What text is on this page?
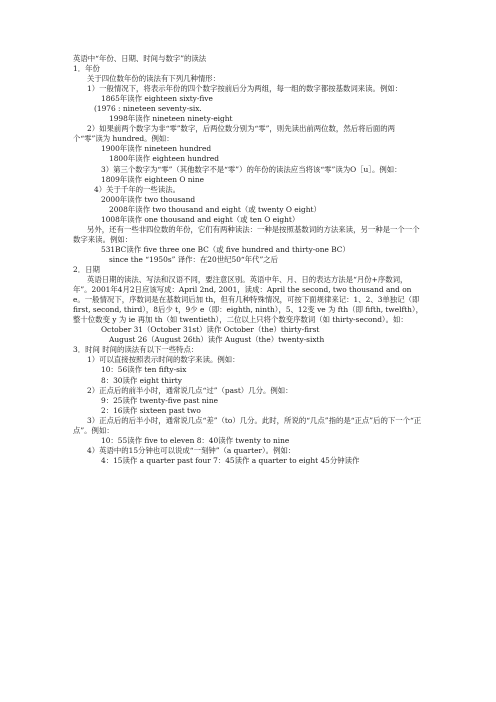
英语中“年份、日期、时间与数字”的读法
1．年份
关于四位数年份的读法有下列几种情形：
1）一般情况下，将表示年份的四个数字按前后分为两组，每一组的数字都按基数词来读。例如：
1865年读作 eighteen sixty-five
(1976 : nineteen seventy-six.
1998年读作 nineteen ninety-eight
2）如果前两个数字为非“零”数字，后两位数分别为“零”，则先读出前两位数，然后将后面的两个“零”读为 hundred。例如：
1900年读作 nineteen hundred
1800年读作 eighteen hundred
3）第三个数字为“零”（其他数字不是“零”）的年份的读法应当将该“零”读为O［u］。例如：
1809年读作 eighteen O nine
4）关于千年的一些读法。
2000年读作 two thousand
2008年读作 two thousand and eight（或 twenty O eight）
1008年读作 one thousand and eight（或 ten O eight）
另外，还有一些非四位数的年份，它们有两种读法：一种是按照基数词的方法来读，另一种是一个一个数字来读。例如：
531BC读作 five three one BC（或 five hundred and thirty-one BC）
since the “1950s” 译作：在20世纪50“年代”之后
2．日期
英语日期的读法、写法和汉语不同，要注意区别。英语中年、月、日的表达方法是“月份+序数词，年”。2001年4月2日应该写成：April 2nd, 2001，读成：April the second, two thousand and one。一般情况下，序数词是在基数词后加 th，但有几种特殊情况，可按下面规律来记：1、2、3单独记（即 first, second, third），8后少 t，9少 e（即：eighth, ninth），5、12变 ve 为 fth（即 fifth, twelfth），整十位数变 y 为 ie 再加 th（如 twentieth），二位以上只将个数变序数词（如 thirty-second）。如：
October 31（October 31st）读作 October（the）thirty-first
August 26（August 26th）读作 August（the）twenty-sixth
3．时间 时间的读法有以下一些特点：
1）可以直接按照表示时间的数字来读。例如：
10：56读作 ten fifty-six
8：30读作 eight thirty
2）正点后的前半小时，通常说几点“过”（past）几分。例如：
9：25读作 twenty-five past nine
2：16读作 sixteen past two
3）正点后的后半小时，通常说几点“差”（to）几分。此时，所说的“几点”指的是“正点”后的下一个“正点”。例如：
10：55读作 five to eleven 8：40读作 twenty to nine
4）英语中的15分钟也可以说成“一刻钟”（a quarter）。例如：
4：15读作 a quarter past four 7：45读作 a quarter to eight 45分钟读作
